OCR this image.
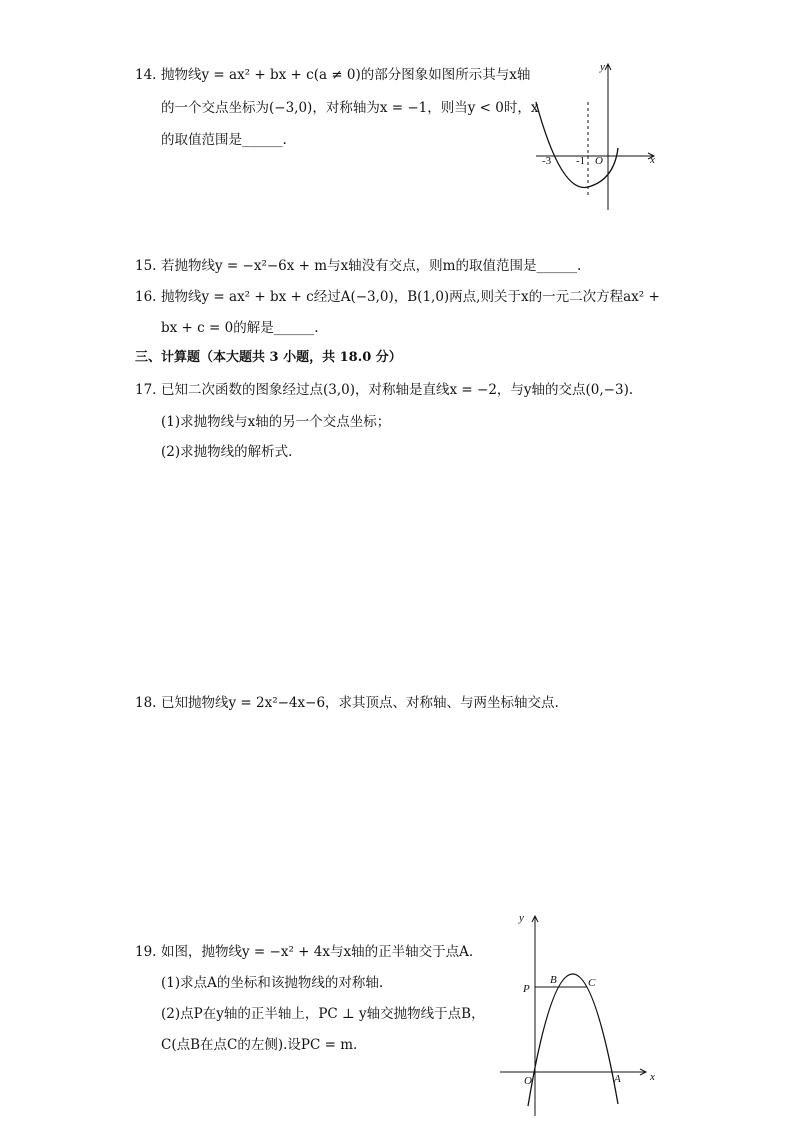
14. 抛物线y = ax² + bx + c(a ≠ 0)的部分图象如图所示其与x轴
的一个交点坐标为(−3,0)，对称轴为x = −1，则当y < 0时，x
的取值范围是______.
y
x
O
-3 -1
15. 若抛物线y = −x²−6x + m与x轴没有交点，则m的取值范围是______.
16. 抛物线y = ax² + bx + c经过A(−3,0)，B(1,0)两点,则关于x的一元二次方程ax² +
bx + c = 0的解是______.
三、计算题（本大题共 3 小题，共 18.0 分）
17. 已知二次函数的图象经过点(3,0)，对称轴是直线x = −2，与y轴的交点(0,−3).
(1)求抛物线与x轴的另一个交点坐标；
(2)求抛物线的解析式.
18. 已知抛物线y = 2x²−4x−6，求其顶点、对称轴、与两坐标轴交点.
19. 如图，抛物线y = −x² + 4x与x轴的正半轴交于点A.
(1)求点A的坐标和该抛物线的对称轴.
(2)点P在y轴的正半轴上，PC ⊥ y轴交抛物线于点B，
C(点B在点C的左侧).设PC = m.
y
x
O	A
P
B	C
